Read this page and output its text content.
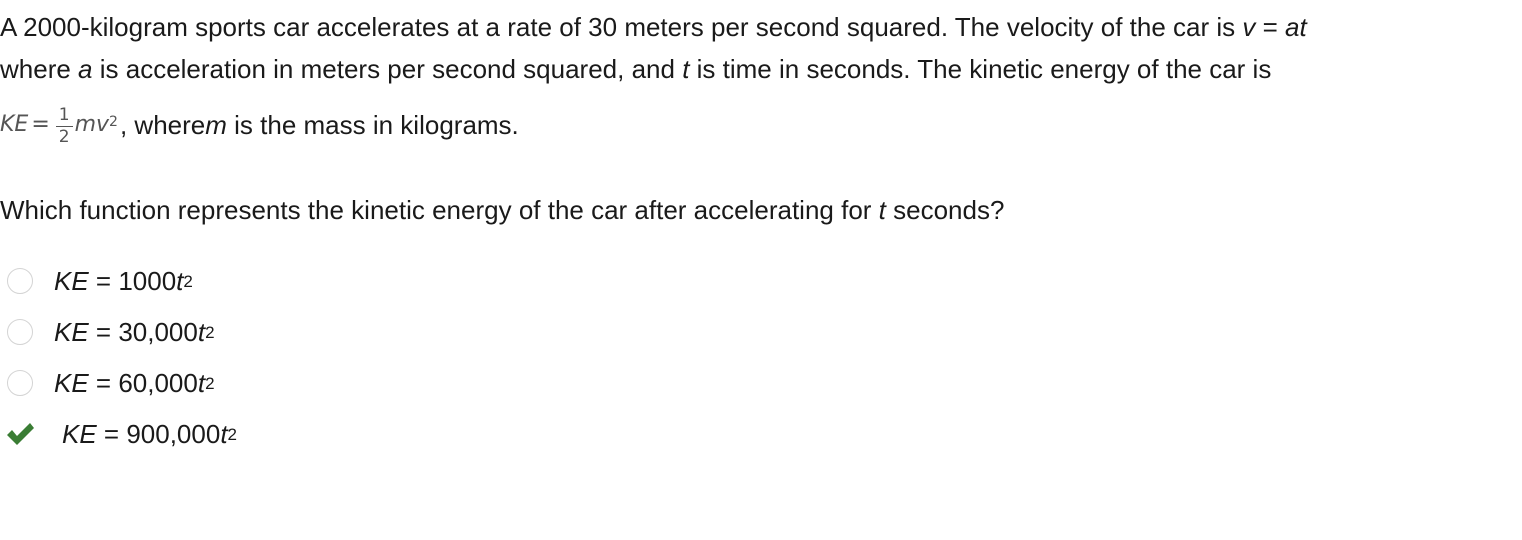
A 2000-kilogram sports car accelerates at a rate of 30 meters per second squared. The velocity of the car is v = at
where a is acceleration in meters per second squared, and t is time in seconds. The kinetic energy of the car is
KE = $\frac{1}{2} mv^2$ , where m
is the mass in kilograms.
Which function represents the kinetic energy of the car after accelerating for t seconds?
KE = $1000t^2$
KE = $30,000t^2$
KE = $60,000t^2$
KE = $900,000t^2$
